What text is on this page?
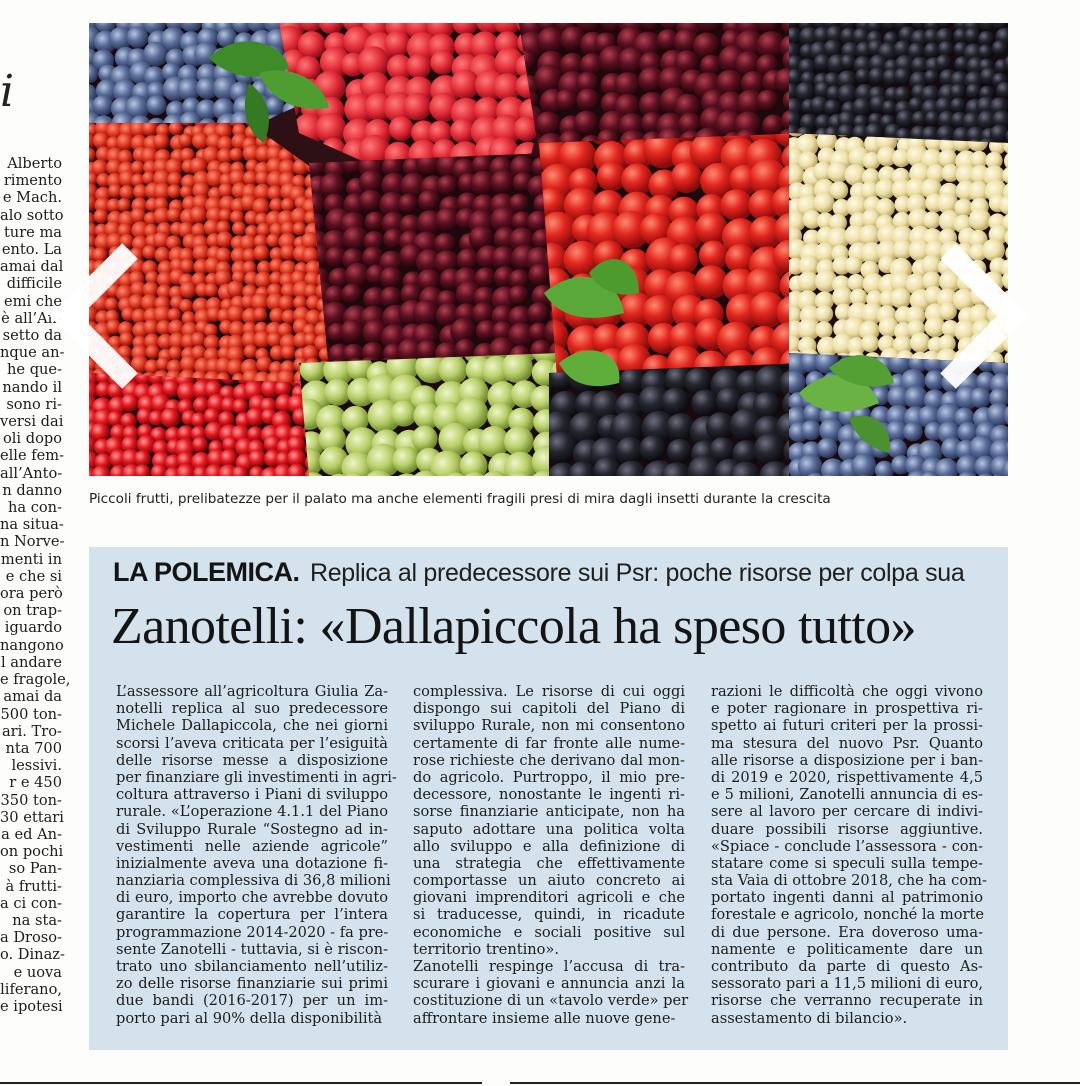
i
Alberto
rimento
e Mach.
alo sotto
ture ma
ento. La
amai dal
difficile
emi che
è all’An-
setto da
nque an-
he que-
nando il
sono ri-
versi dai
oli dopo
elle fem-
all’Anto-
n danno
ha con-
na situa-
n Norve-
menti in
e che si
ora però
on trap-
iguardo
nangono
l andare
e fragole,
amai da
500 ton-
ari. Tro-
nta 700
lessivi.
r e 450
350 ton-
30 ettari
a ed An-
on pochi
so Pan-
à frutti-
a ci con-
na sta-
a Droso-
o. Dinaz-
e uova
liferano,
e ipotesi
Piccoli frutti, prelibatezze per il palato ma anche elementi fragili presi di mira dagli insetti durante la crescita
LA POLEMICA. Replica al predecessore sui Psr: poche risorse per colpa sua
Zanotelli: «Dallapiccola ha speso tutto»
L’assessore all’agricoltura Giulia Za-
notelli replica al suo predecessore
Michele Dallapiccola, che nei giorni
scorsi l’aveva criticata per l’esiguità
delle risorse messe a disposizione
per finanziare gli investimenti in agri-
coltura attraverso i Piani di sviluppo
rurale. «L’operazione 4.1.1 del Piano
di Sviluppo Rurale “Sostegno ad in-
vestimenti nelle aziende agricole”
inizialmente aveva una dotazione fi-
nanziaria complessiva di 36,8 milioni
di euro, importo che avrebbe dovuto
garantire la copertura per l’intera
programmazione 2014-2020 - fa pre-
sente Zanotelli - tuttavia, si è riscon-
trato uno sbilanciamento nell’utiliz-
zo delle risorse finanziarie sui primi
due bandi (2016-2017) per un im-
porto pari al 90% della disponibilità
complessiva. Le risorse di cui oggi
dispongo sui capitoli del Piano di
sviluppo Rurale, non mi consentono
certamente di far fronte alle nume-
rose richieste che derivano dal mon-
do agricolo. Purtroppo, il mio pre-
decessore, nonostante le ingenti ri-
sorse finanziarie anticipate, non ha
saputo adottare una politica volta
allo sviluppo e alla definizione di
una strategia che effettivamente
comportasse un aiuto concreto ai
giovani imprenditori agricoli e che
si traducesse, quindi, in ricadute
economiche e sociali positive sul
territorio trentino».
Zanotelli respinge l’accusa di tra-
scurare i giovani e annuncia anzi la
costituzione di un «tavolo verde» per
affrontare insieme alle nuove gene-
razioni le difficoltà che oggi vivono
e poter ragionare in prospettiva ri-
spetto ai futuri criteri per la prossi-
ma stesura del nuovo Psr. Quanto
alle risorse a disposizione per i ban-
di 2019 e 2020, rispettivamente 4,5
e 5 milioni, Zanotelli annuncia di es-
sere al lavoro per cercare di indivi-
duare possibili risorse aggiuntive.
«Spiace - conclude l’assessora - con-
statare come si speculi sulla tempe-
sta Vaia di ottobre 2018, che ha com-
portato ingenti danni al patrimonio
forestale e agricolo, nonché la morte
di due persone. Era doveroso uma-
namente e politicamente dare un
contributo da parte di questo As-
sessorato pari a 11,5 milioni di euro,
risorse che verranno recuperate in
assestamento di bilancio».
